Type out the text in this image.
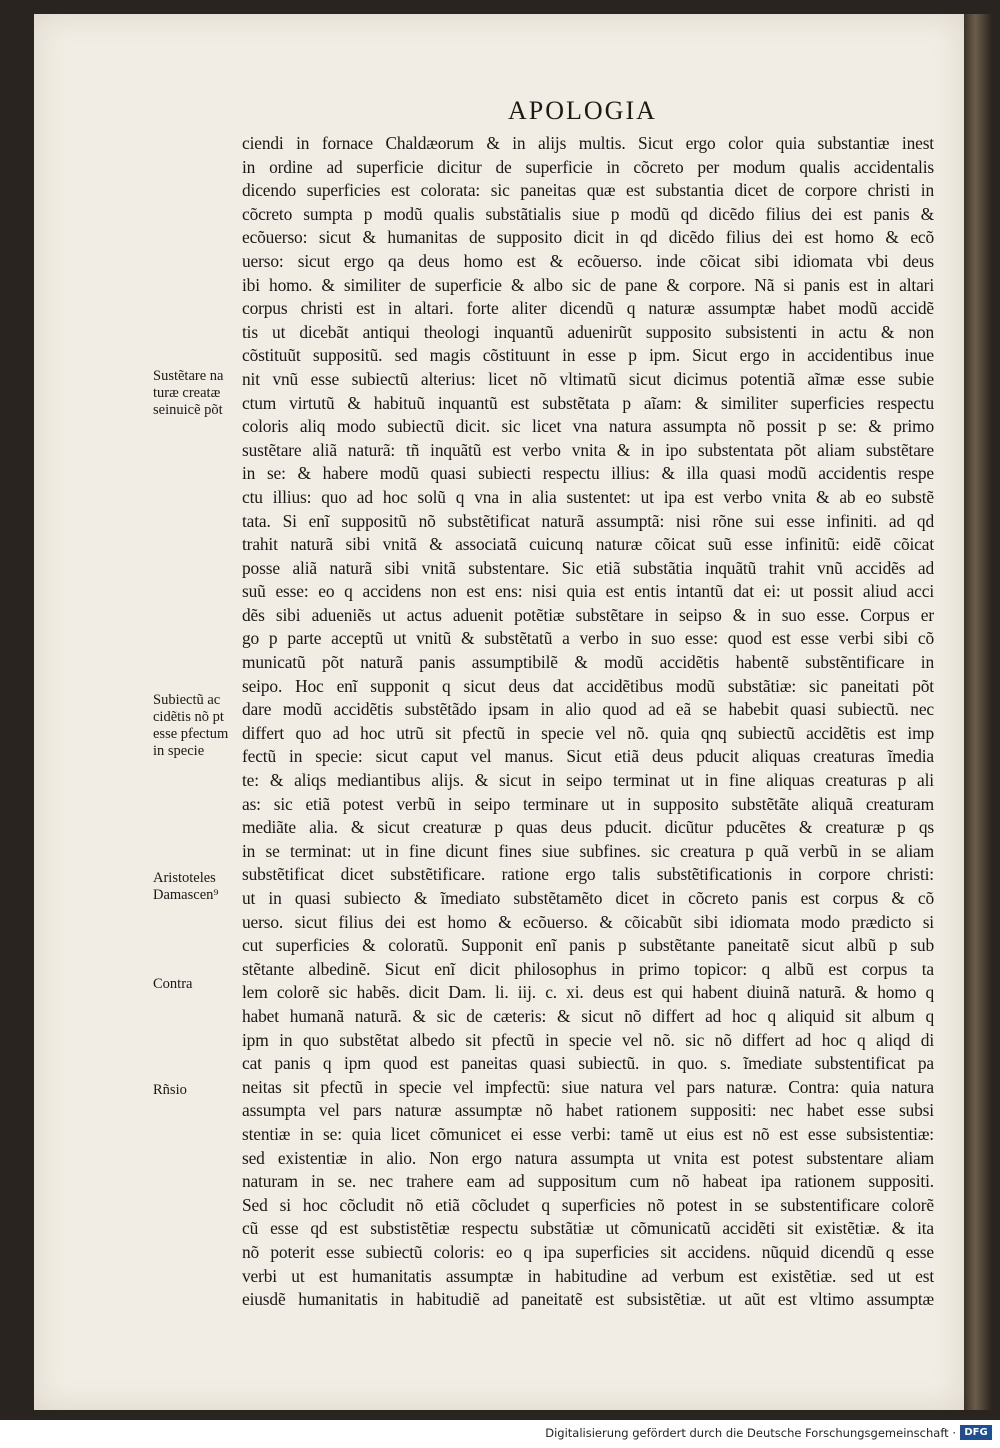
APOLOGIA
ciendi in fornace Chaldæorum & in alijs multis. Sicut ergo color quia substantiæ inest
in ordine ad superficie dicitur de superficie in cõcreto per modum qualis accidentalis
dicendo superficies est colorata: sic paneitas quæ est substantia dicet de corpore christi in
cõcreto sumpta p modũ qualis substãtialis siue p modũ qd dicẽdo filius dei est panis &
ecõuerso: sicut & humanitas de supposito dicit in qd dicẽdo filius dei est homo & ecõ
uerso: sicut ergo qa deus homo est & ecõuerso. inde cõicat sibi idiomata vbi deus
ibi homo. & similiter de superficie & albo sic de pane & corpore. Nã si panis est in altari
corpus christi est in altari. forte aliter dicendũ q naturæ assumptæ habet modũ accidẽ
tis ut dicebãt antiqui theologi inquantũ aduenirũt supposito subsistenti in actu & non
cõstituũt suppositũ. sed magis cõstituunt in esse p ipm. Sicut ergo in accidentibus inue
nit vnũ esse subiectũ alterius: licet nõ vltimatũ sicut dicimus potentiã aĩmæ esse subie
ctum virtutũ & habituũ inquantũ est substẽtata p aĩam: & similiter superficies respectu
coloris aliq modo subiectũ dicit. sic licet vna natura assumpta nõ possit p se: & primo
sustẽtare aliã naturã: tñ inquãtũ est verbo vnita & in ipo substentata põt aliam substẽtare
in se: & habere modũ quasi subiecti respectu illius: & illa quasi modũ accidentis respe
ctu illius: quo ad hoc solũ q vna in alia sustentet: ut ipa est verbo vnita & ab eo substẽ
tata. Si enĩ suppositũ nõ substẽtificat naturã assumptã: nisi rõne sui esse infiniti. ad qd
trahit naturã sibi vnitã & associatã cuicunq naturæ cõicat suũ esse infinitũ: eidẽ cõicat
posse aliã naturã sibi vnitã substentare. Sic etiã substãtia inquãtũ trahit vnũ accidẽs ad
suũ esse: eo q accidens non est ens: nisi quia est entis intantũ dat ei: ut possit aliud acci
dẽs sibi adueniẽs ut actus aduenit potẽtiæ substẽtare in seipso & in suo esse. Corpus er
go p parte acceptũ ut vnitũ & substẽtatũ a verbo in suo esse: quod est esse verbi sibi cõ
municatũ põt naturã panis assumptibilẽ & modũ accidẽtis habentẽ substẽntificare in
seipo. Hoc enĩ supponit q sicut deus dat accidẽtibus modũ substãtiæ: sic paneitati põt
dare modũ accidẽtis substẽtãdo ipsam in alio quod ad eã se habebit quasi subiectũ. nec
differt quo ad hoc utrũ sit pfectũ in specie vel nõ. quia qnq subiectũ accidẽtis est imp
fectũ in specie: sicut caput vel manus. Sicut etiã deus pducit aliquas creaturas ĩmedia
te: & aliqs mediantibus alijs. & sicut in seipo terminat ut in fine aliquas creaturas p ali
as: sic etiã potest verbũ in seipo terminare ut in supposito substẽtãte aliquã creaturam
mediãte alia. & sicut creaturæ p quas deus pducit. dicũtur pducẽtes & creaturæ p qs
in se terminat: ut in fine dicunt fines siue subfines. sic creatura p quã verbũ in se aliam
substẽtificat dicet substẽtificare. ratione ergo talis substẽtificationis in corpore christi:
ut in quasi subiecto & ĩmediato substẽtamẽto dicet in cõcreto panis est corpus & cõ
uerso. sicut filius dei est homo & ecõuerso. & cõicabũt sibi idiomata modo prædicto si
cut superficies & coloratũ. Supponit enĩ panis p substẽtante paneitatẽ sicut albũ p sub
stẽtante albedinẽ. Sicut enĩ dicit philosophus in primo topicor: q albũ est corpus ta
lem colorẽ sic habẽs. dicit Dam. li. iij. c. xi. deus est qui habent diuinã naturã. & homo q
habet humanã naturã. & sic de cæteris: & sicut nõ differt ad hoc q aliquid sit album q
ipm in quo substẽtat albedo sit pfectũ in specie vel nõ. sic nõ differt ad hoc q aliqd di
cat panis q ipm quod est paneitas quasi subiectũ. in quo. s. ĩmediate substentificat pa
neitas sit pfectũ in specie vel impfectũ: siue natura vel pars naturæ. Contra: quia natura
assumpta vel pars naturæ assumptæ nõ habet rationem suppositi: nec habet esse subsi
stentiæ in se: quia licet cõmunicet ei esse verbi: tamẽ ut eius est nõ est esse subsistentiæ:
sed existentiæ in alio. Non ergo natura assumpta ut vnita est potest substentare aliam
naturam in se. nec trahere eam ad suppositum cum nõ habeat ipa rationem suppositi.
Sed si hoc cõcludit nõ etiã cõcludet q superficies nõ potest in se substentificare colorẽ
cũ esse qd est substistẽtiæ respectu substãtiæ ut cõmunicatũ accidẽti sit existẽtiæ. & ita
nõ poterit esse subiectũ coloris: eo q ipa superficies sit accidens. nũquid dicendũ q esse
verbi ut est humanitatis assumptæ in habitudine ad verbum est existẽtiæ. sed ut est
eiusdẽ humanitatis in habitudiẽ ad paneitatẽ est subsistẽtiæ. ut aũt est vltimo assumptæ
Sustẽtare na
turæ creatæ
seinuicẽ põt
Subiectũ ac
cidẽtis nõ pt
esse pfectum
in specie
Aristoteles
Damascen⁹
Contra
Rñsio
Digitalisierung gefördert durch die Deutsche Forschungsgemeinschaft · DFG
